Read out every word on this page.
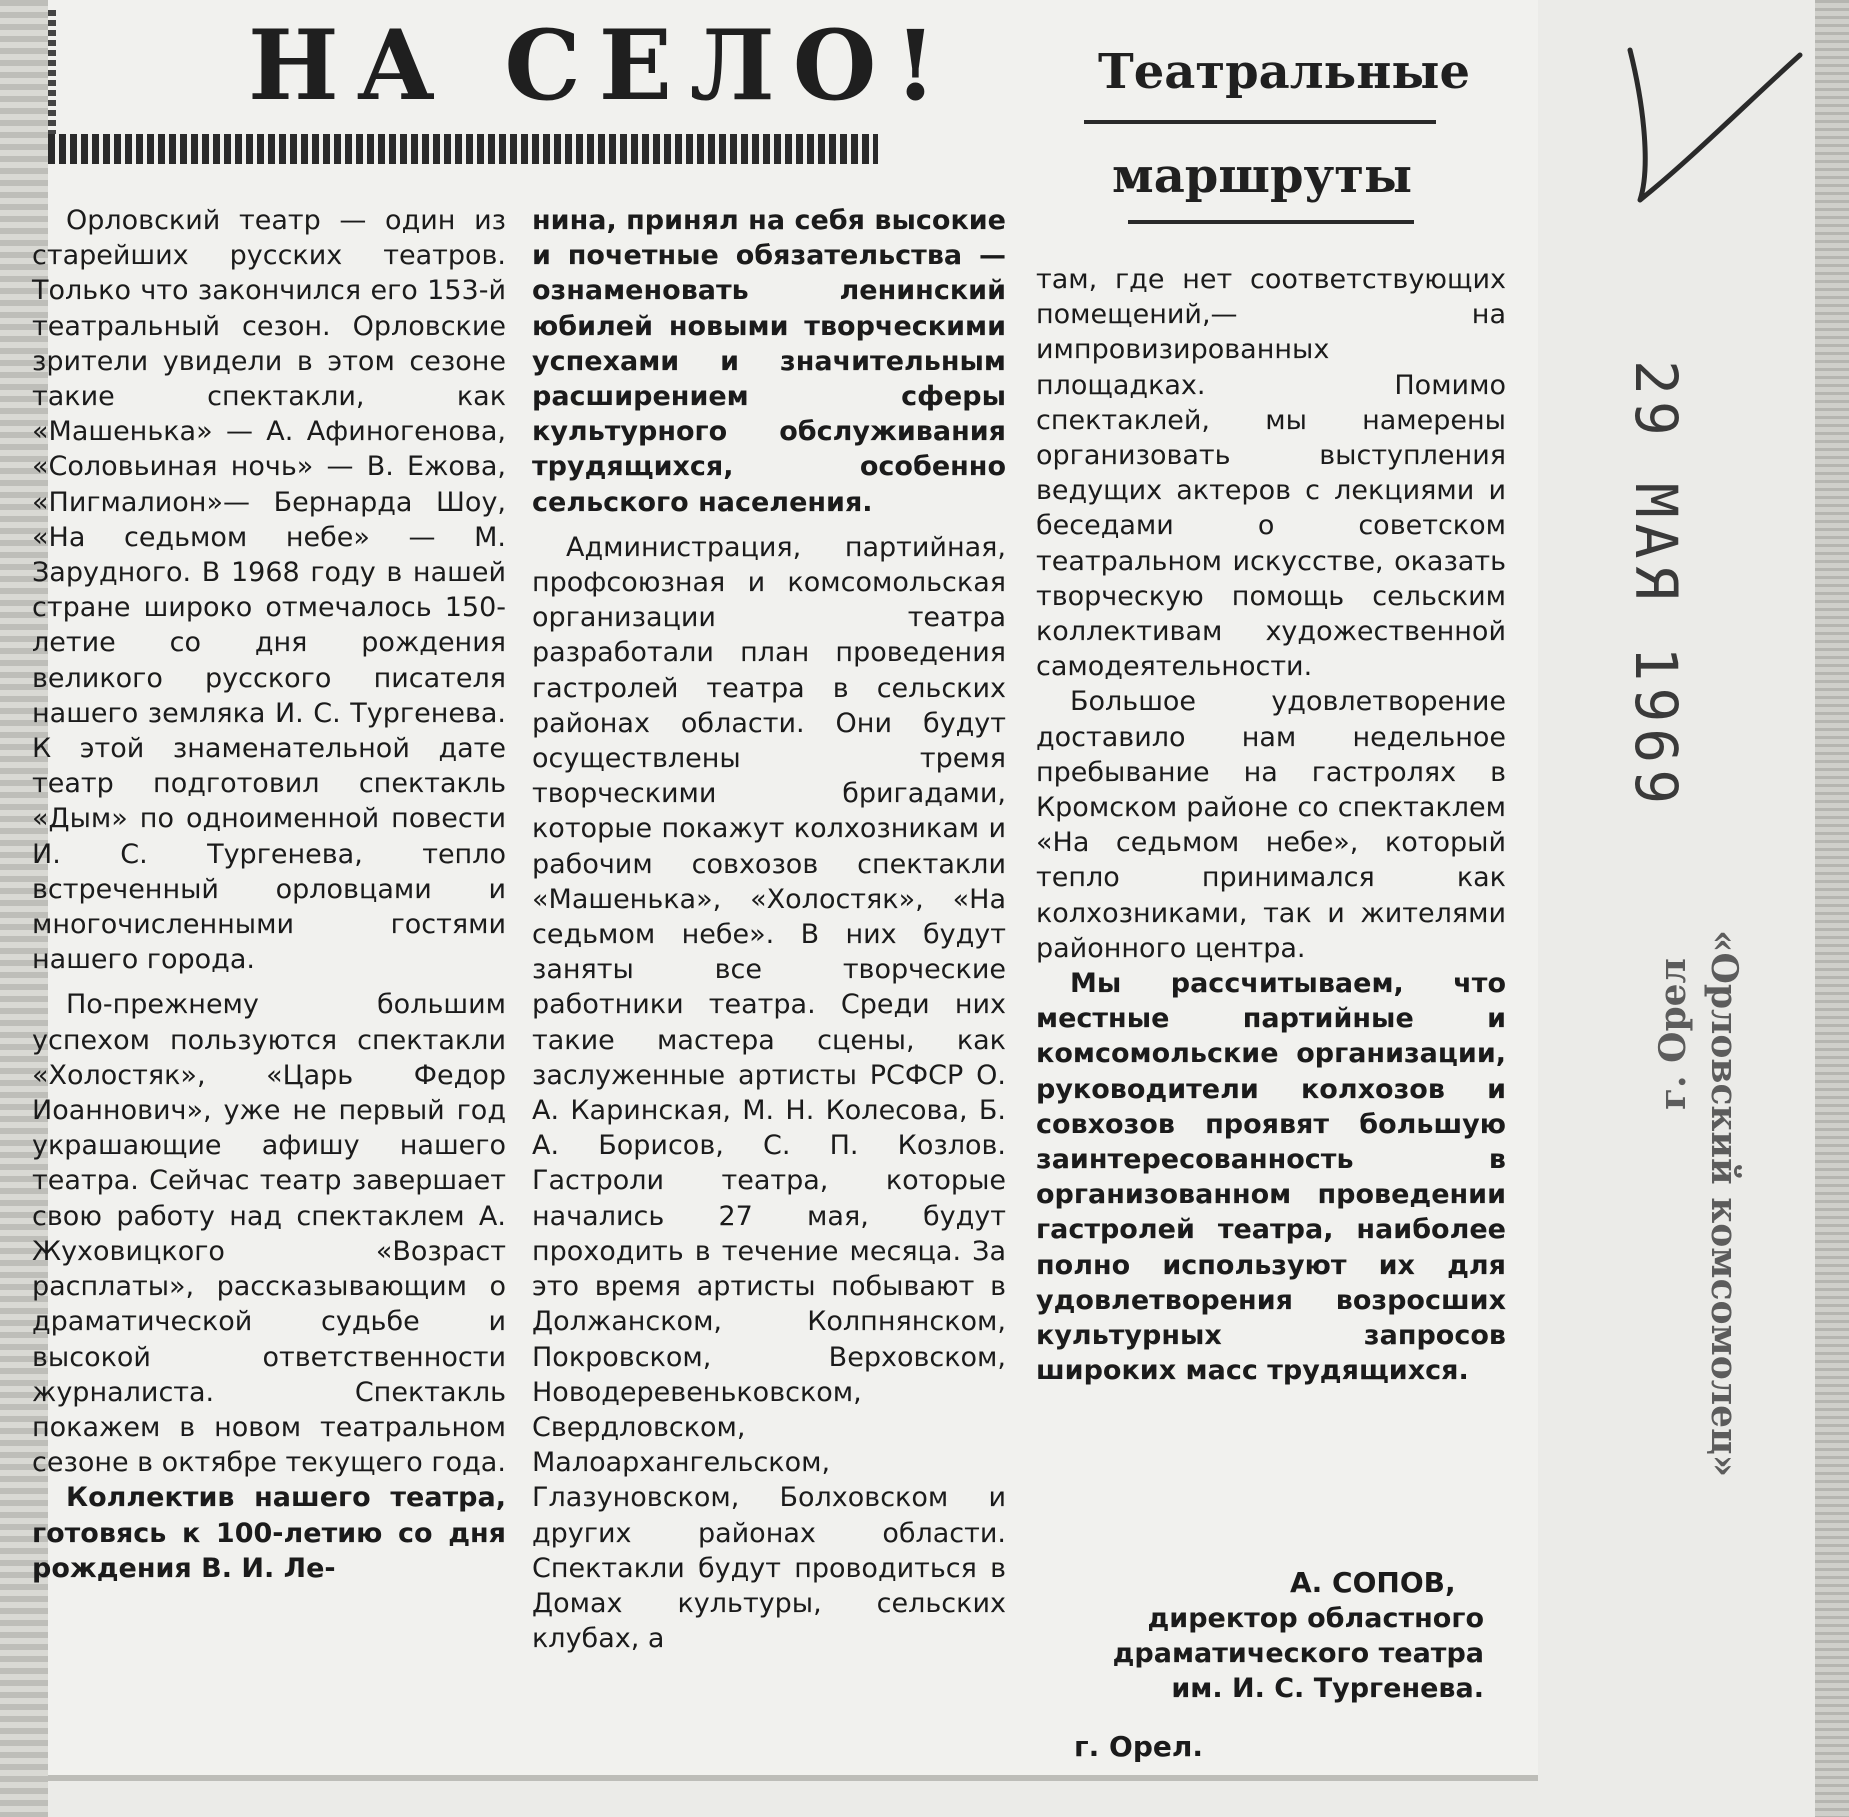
НА СЕЛО!	Театральные
маршруты

Орловский театр — один из старейших русских театров. Только что закончился его 153-й театральный сезон. Орловские зрители увидели в этом сезоне такие спектакли, как «Машенька» — А. Афиногенова, «Соловьиная ночь» — В. Ежова, «Пигмалион»— Бернарда Шоу, «На седьмом небе» — М. Зарудного. В 1968 году в нашей стране широко отмечалось 150-летие со дня рождения великого русского писателя нашего земляка И. С. Тургенева. К этой знаменательной дате театр подготовил спектакль «Дым» по одноименной повести И. С. Тургенева, тепло встреченный орловцами и многочисленными гостями нашего города.

По-прежнему большим успехом пользуются спектакли «Холостяк», «Царь Федор Иоаннович», уже не первый год украшающие афишу нашего театра. Сейчас театр завершает свою работу над спектаклем А. Жуховицкого «Возраст расплаты», рассказывающим о драматической судьбе и высокой ответственности журналиста. Спектакль покажем в новом театральном сезоне в октябре текущего года.

Коллектив нашего театра, готовясь к 100-летию со дня рождения В. И. Ле-

нина, принял на себя высокие и почетные обязательства — ознаменовать ленинский юбилей новыми творческими успехами и значительным расширением сферы культурного обслуживания трудящихся, особенно сельского населения.

Администрация, партийная, профсоюзная и комсомольская организации театра разработали план проведения гастролей театра в сельских районах области. Они будут осуществлены тремя творческими бригадами, которые покажут колхозникам и рабочим совхозов спектакли «Машенька», «Холостяк», «На седьмом небе». В них будут заняты все творческие работники театра. Среди них такие мастера сцены, как заслуженные артисты РСФСР О. А. Каринская, М. Н. Колесова, Б. А. Борисов, С. П. Козлов. Гастроли театра, которые начались 27 мая, будут проходить в течение месяца. За это время артисты побывают в Должанском, Колпнянском, Покровском, Верховском, Новодеревеньковском, Свердловском, Малоархангельском, Глазуновском, Болховском и других районах области. Спектакли будут проводиться в Домах культуры, сельских клубах, а

там, где нет соответствующих помещений,— на импровизированных площадках. Помимо спектаклей, мы намерены организовать выступления ведущих актеров с лекциями и беседами о советском театральном искусстве, оказать творческую помощь сельским коллективам художественной самодеятельности.

Большое удовлетворение доставило нам недельное пребывание на гастролях в Кромском районе со спектаклем «На седьмом небе», который тепло принимался как колхозниками, так и жителями районного центра.

Мы рассчитываем, что местные партийные и комсомольские организации, руководители колхозов и совхозов проявят большую заинтересованность в организованном проведении гастролей театра, наиболее полно используют их для удовлетворения возросших культурных запросов широких масс трудящихся.

А. СОПОВ,
директор областного
драматического театра
им. И. С. Тургенева.
г. Орел.
29 МАЯ 1969
«Орловский комсомолец»
г. Орел
